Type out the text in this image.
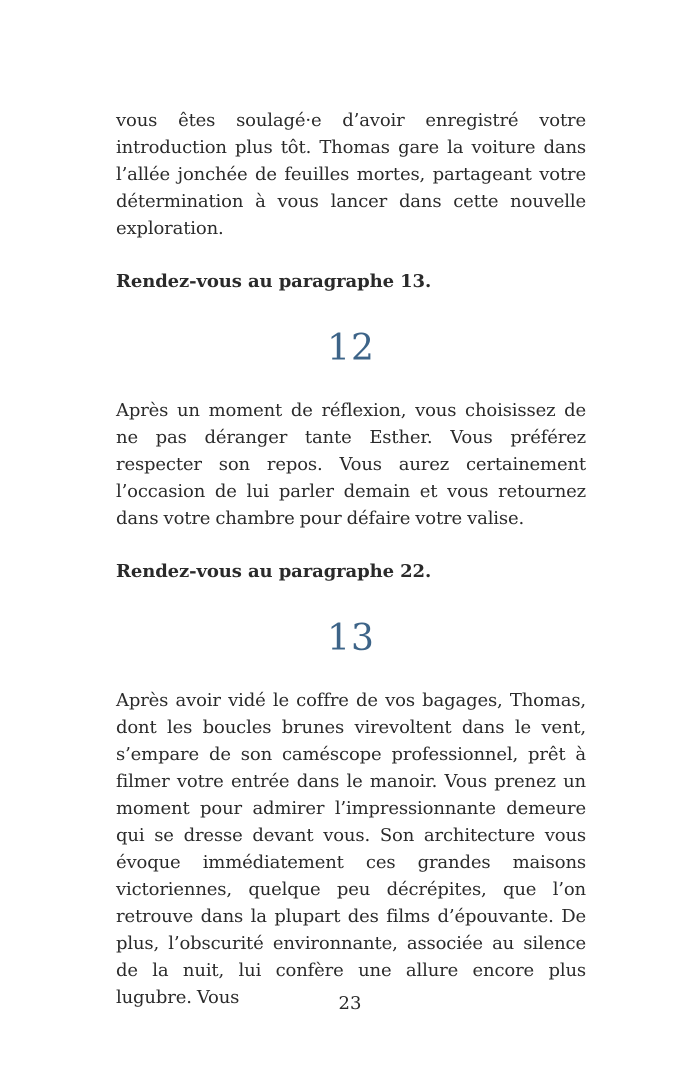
vous êtes soulagé·e d’avoir enregistré votre introduction plus tôt. Thomas gare la voiture dans l’allée jonchée de feuilles mortes, partageant votre détermination à vous lancer dans cette nouvelle exploration.

Rendez-vous au paragraphe 13.

12

Après un moment de réflexion, vous choisissez de ne pas déranger tante Esther. Vous préférez respecter son repos. Vous aurez certainement l’occasion de lui parler demain et vous retournez dans votre chambre pour défaire votre valise.

Rendez-vous au paragraphe 22.

13

Après avoir vidé le coffre de vos bagages, Thomas, dont les boucles brunes virevoltent dans le vent, s’empare de son caméscope professionnel, prêt à filmer votre entrée dans le manoir. Vous prenez un moment pour admirer l’impressionnante demeure qui se dresse devant vous. Son architecture vous évoque immédiatement ces grandes maisons victoriennes, quelque peu décrépites, que l’on retrouve dans la plupart des films d’épouvante. De plus, l’obscurité environnante, associée au silence de la nuit, lui confère une allure encore plus lugubre. Vous	23
